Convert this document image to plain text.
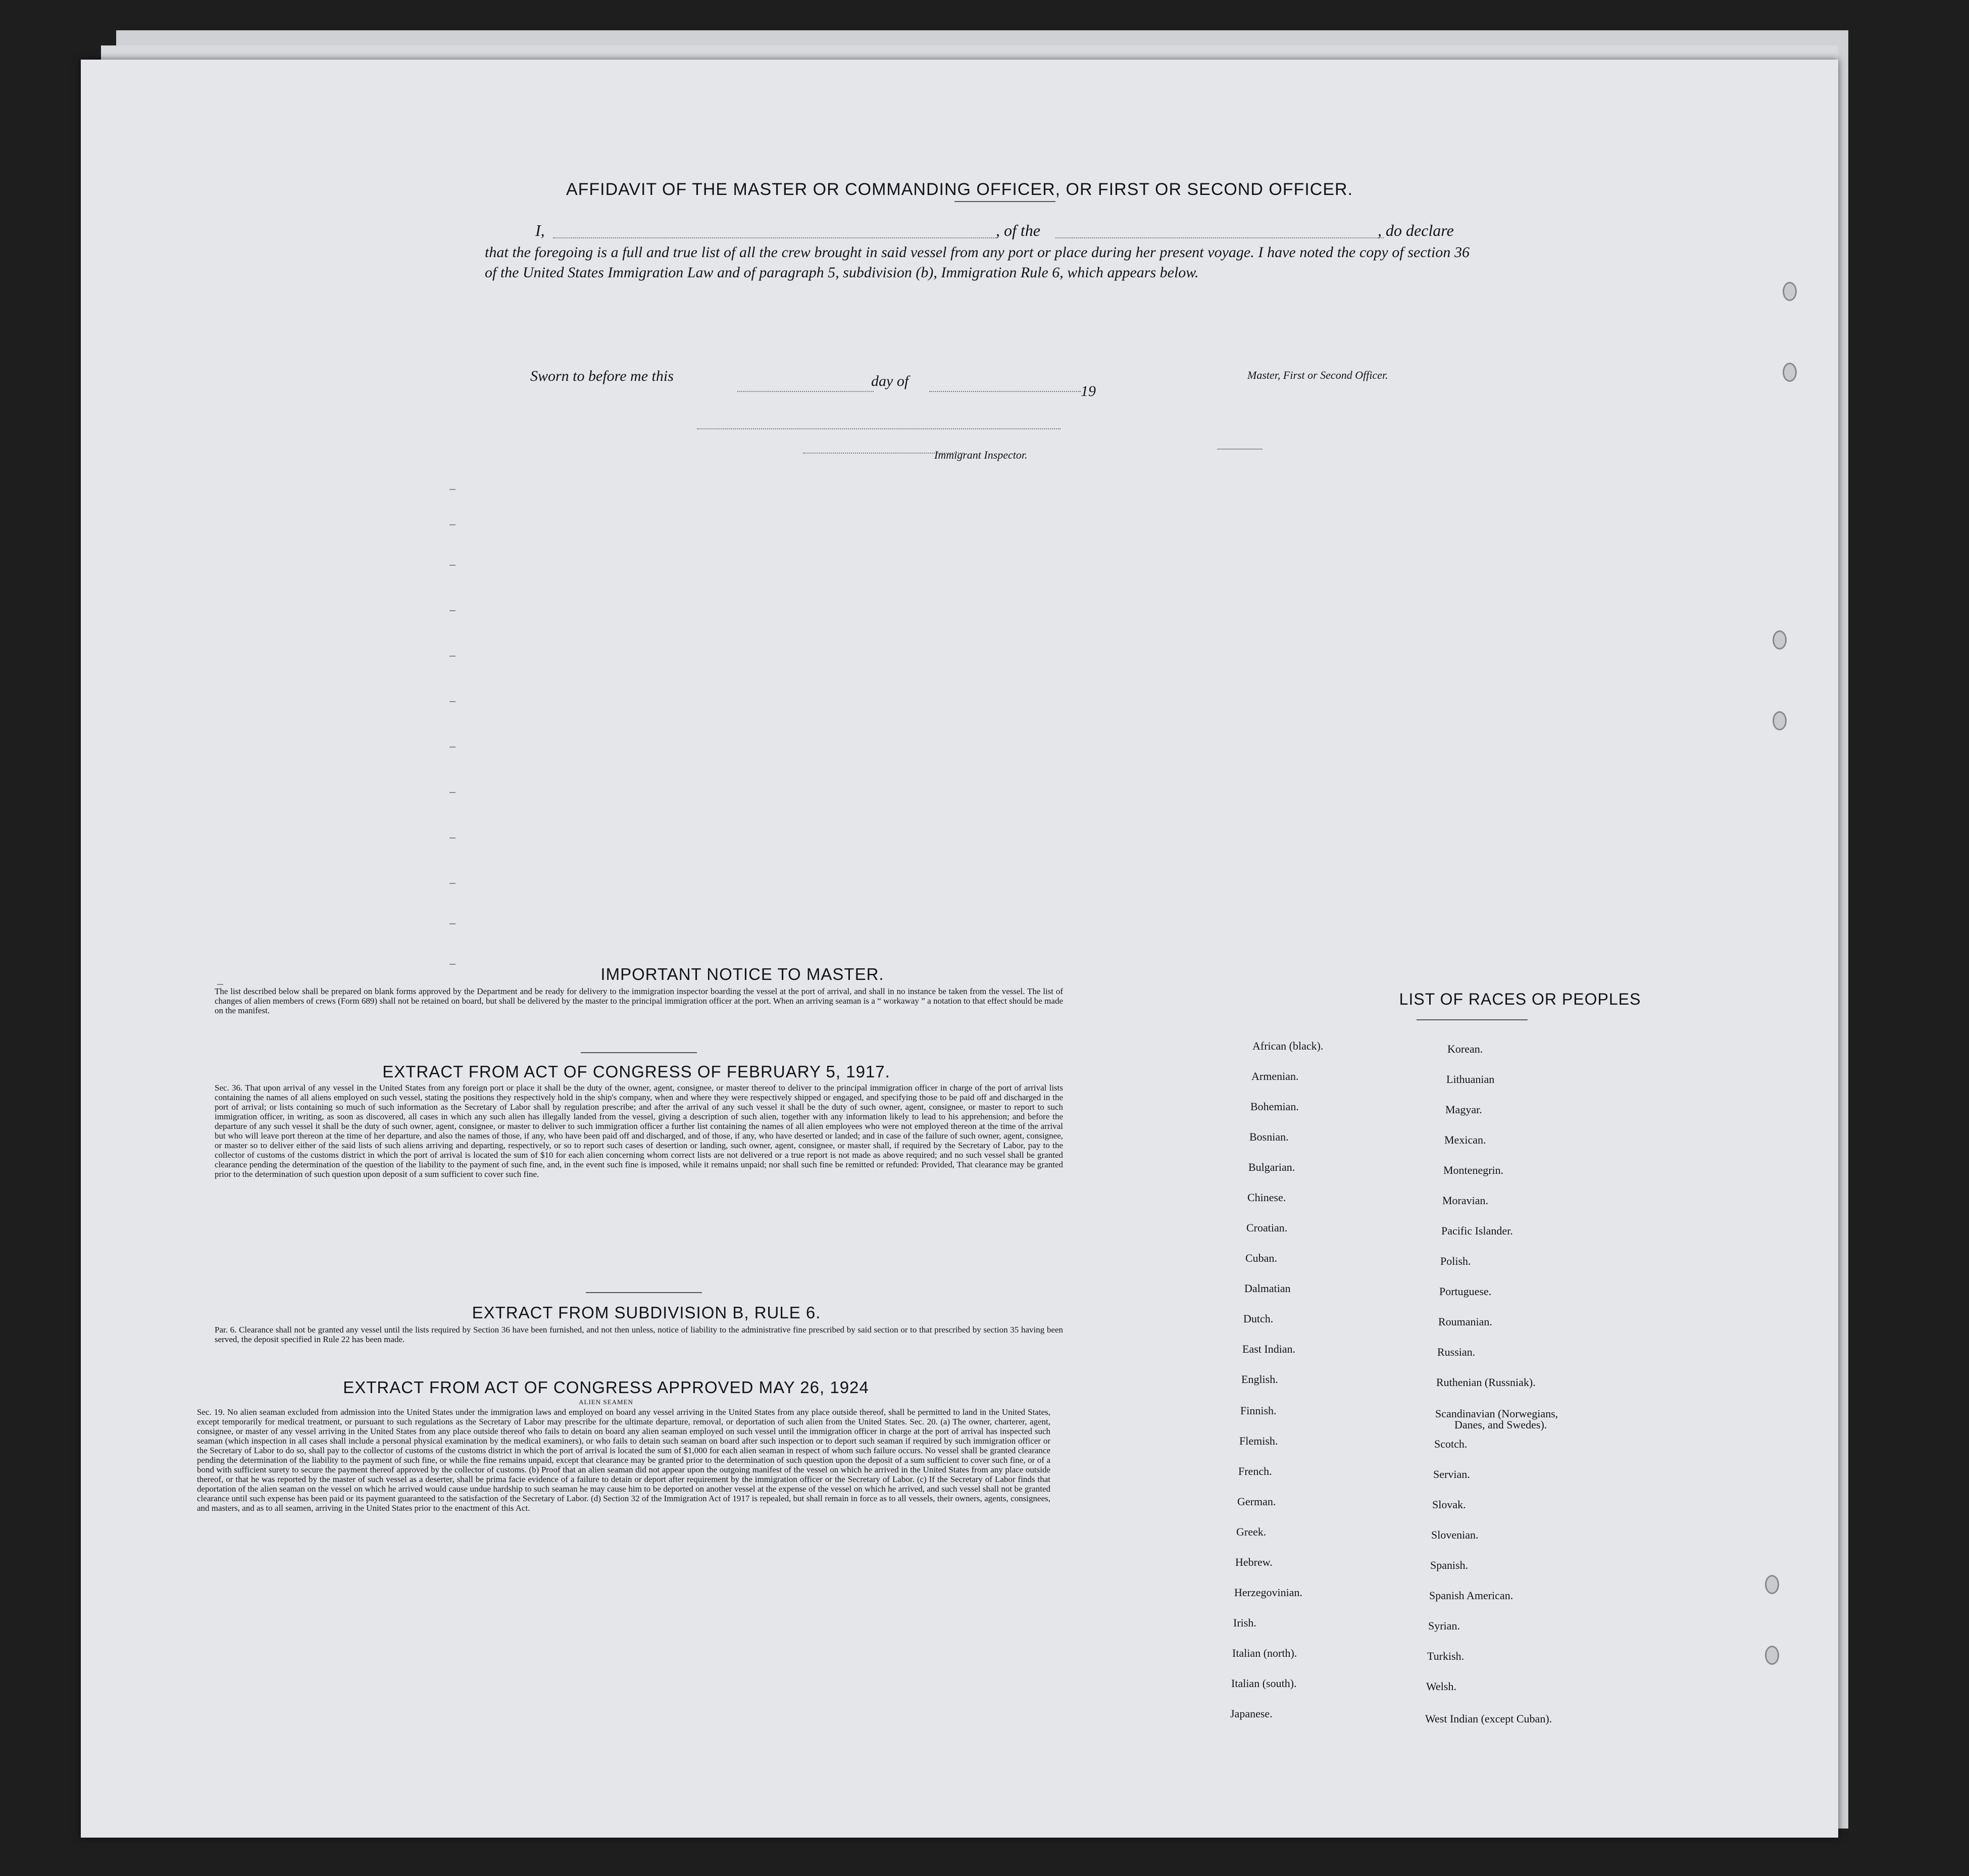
AFFIDAVIT OF THE MASTER OR COMMANDING OFFICER, OR FIRST OR SECOND OFFICER.
I,	, of the	, do declare
that the foregoing is a full and true list of all the crew brought in said vessel from any port or place during her present voyage. I have noted the copy of section 36 of the United States Immigration Law and of paragraph 5, subdivision (b), Immigration Rule 6, which appears below.
Sworn to before me this	day of
19
Master, First or Second Officer.
Immigrant Inspector.
IMPORTANT NOTICE TO MASTER.
The list described below shall be prepared on blank forms approved by the Department and be ready for delivery to the immigration inspector boarding the vessel at the port of arrival, and shall in no instance be taken from the vessel. The list of changes of alien members of crews (Form 689) shall not be retained on board, but shall be delivered by the master to the principal immigration officer at the port. When an arriving seaman is a “ workaway ” a notation to that effect should be made on the manifest.
EXTRACT FROM ACT OF CONGRESS OF FEBRUARY 5, 1917.
Sec. 36. That upon arrival of any vessel in the United States from any foreign port or place it shall be the duty of the owner, agent, consignee, or master thereof to deliver to the principal immigration officer in charge of the port of arrival lists containing the names of all aliens employed on such vessel, stating the positions they respectively hold in the ship's company, when and where they were respectively shipped or engaged, and specifying those to be paid off and discharged in the port of arrival; or lists containing so much of such information as the Secretary of Labor shall by regulation prescribe; and after the arrival of any such vessel it shall be the duty of such owner, agent, consignee, or master to report to such immigration officer, in writing, as soon as discovered, all cases in which any such alien has illegally landed from the vessel, giving a description of such alien, together with any information likely to lead to his apprehension; and before the departure of any such vessel it shall be the duty of such owner, agent, consignee, or master to deliver to such immigration officer a further list containing the names of all alien employees who were not employed thereon at the time of the arrival but who will leave port thereon at the time of her departure, and also the names of those, if any, who have been paid off and discharged, and of those, if any, who have deserted or landed; and in case of the failure of such owner, agent, consignee, or master so to deliver either of the said lists of such aliens arriving and departing, respectively, or so to report such cases of desertion or landing, such owner, agent, consignee, or master shall, if required by the Secretary of Labor, pay to the collector of customs of the customs district in which the port of arrival is located the sum of $10 for each alien concerning whom correct lists are not delivered or a true report is not made as above required; and no such vessel shall be granted clearance pending the determination of the question of the liability to the payment of such fine, and, in the event such fine is imposed, while it remains unpaid; nor shall such fine be remitted or refunded: Provided, That clearance may be granted prior to the determination of such question upon deposit of a sum sufficient to cover such fine.
EXTRACT FROM SUBDIVISION B, RULE 6.
Par. 6. Clearance shall not be granted any vessel until the lists required by Section 36 have been furnished, and not then unless, notice of liability to the administrative fine prescribed by said section or to that prescribed by section 35 having been served, the deposit specified in Rule 22 has been made.
EXTRACT FROM ACT OF CONGRESS APPROVED MAY 26, 1924
ALIEN SEAMEN
Sec. 19. No alien seaman excluded from admission into the United States under the immigration laws and employed on board any vessel arriving in the United States from any place outside thereof, shall be permitted to land in the United States, except temporarily for medical treatment, or pursuant to such regulations as the Secretary of Labor may prescribe for the ultimate departure, removal, or deportation of such alien from the United States. Sec. 20. (a) The owner, charterer, agent, consignee, or master of any vessel arriving in the United States from any place outside thereof who fails to detain on board any alien seaman employed on such vessel until the immigration officer in charge at the port of arrival has inspected such seaman (which inspection in all cases shall include a personal physical examination by the medical examiners), or who fails to detain such seaman on board after such inspection or to deport such seaman if required by such immigration officer or the Secretary of Labor to do so, shall pay to the collector of customs of the customs district in which the port of arrival is located the sum of $1,000 for each alien seaman in respect of whom such failure occurs. No vessel shall be granted clearance pending the determination of the liability to the payment of such fine, or while the fine remains unpaid, except that clearance may be granted prior to the determination of such question upon the deposit of a sum sufficient to cover such fine, or of a bond with sufficient surety to secure the payment thereof approved by the collector of customs. (b) Proof that an alien seaman did not appear upon the outgoing manifest of the vessel on which he arrived in the United States from any place outside thereof, or that he was reported by the master of such vessel as a deserter, shall be prima facie evidence of a failure to detain or deport after requirement by the immigration officer or the Secretary of Labor. (c) If the Secretary of Labor finds that deportation of the alien seaman on the vessel on which he arrived would cause undue hardship to such seaman he may cause him to be deported on another vessel at the expense of the vessel on which he arrived, and such vessel shall not be granted clearance until such expense has been paid or its payment guaranteed to the satisfaction of the Secretary of Labor. (d) Section 32 of the Immigration Act of 1917 is repealed, but shall remain in force as to all vessels, their owners, agents, consignees, and masters, and as to all seamen, arriving in the United States prior to the enactment of this Act.
LIST OF RACES OR PEOPLES
African (black).
Armenian.
Bohemian.
Bosnian.
Bulgarian.
Chinese.
Croatian.
Cuban.
Dalmatian
Dutch.
East Indian.
English.
Finnish.
Flemish.
French.
German.
Greek.
Hebrew.
Herzegovinian.
Irish.
Italian (north).
Italian (south).
Japanese.
Korean.
Lithuanian
Magyar.
Mexican.
Montenegrin.
Moravian.
Pacific Islander.
Polish.
Portuguese.
Roumanian.
Russian.
Ruthenian (Russniak).
Scandinavian (Norwegians,
Danes, and Swedes).
Scotch.
Servian.
Slovak.
Slovenian.
Spanish.
Spanish American.
Syrian.
Turkish.
Welsh.
West Indian (except Cuban).
